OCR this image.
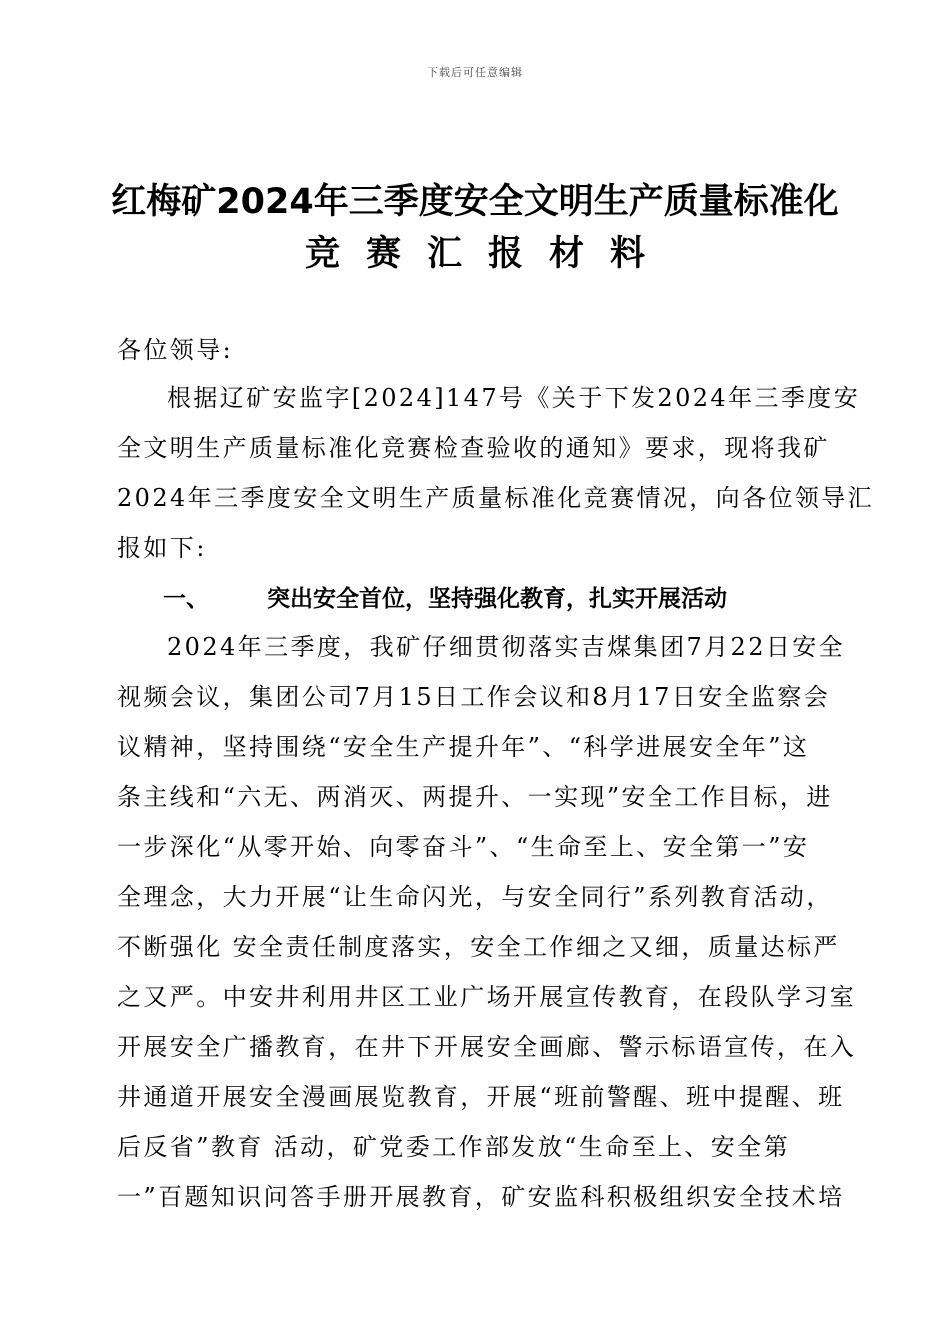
下载后可任意编辑
红梅矿2024年三季度安全文明生产质量标准化
竞赛汇报材料
各位领导:
根据辽矿安监字[2024]147号《关于下发2024年三季度安
全文明生产质量标准化竞赛检查验收的通知》要求，现将我矿
2024年三季度安全文明生产质量标准化竞赛情况，向各位领导汇
报如下:
一、	突出安全首位，坚持强化教育，扎实开展活动
2024年三季度，我矿仔细贯彻落实吉煤集团7月22日安全
视频会议，集团公司7月15日工作会议和8月17日安全监察会
议精神，坚持围绕“安全生产提升年”、“科学进展安全年”这
条主线和“六无、两消灭、两提升、一实现”安全工作目标，进
一步深化“从零开始、向零奋斗”、“生命至上、安全第一”安
全理念，大力开展“让生命闪光，与安全同行”系列教育活动，
不断强化 安全责任制度落实，安全工作细之又细，质量达标严
之又严。中安井利用井区工业广场开展宣传教育，在段队学习室
开展安全广播教育，在井下开展安全画廊、警示标语宣传，在入
井通道开展安全漫画展览教育，开展“班前警醒、班中提醒、班
后反省”教育 活动，矿党委工作部发放“生命至上、安全第
一”百题知识问答手册开展教育，矿安监科积极组织安全技术培
